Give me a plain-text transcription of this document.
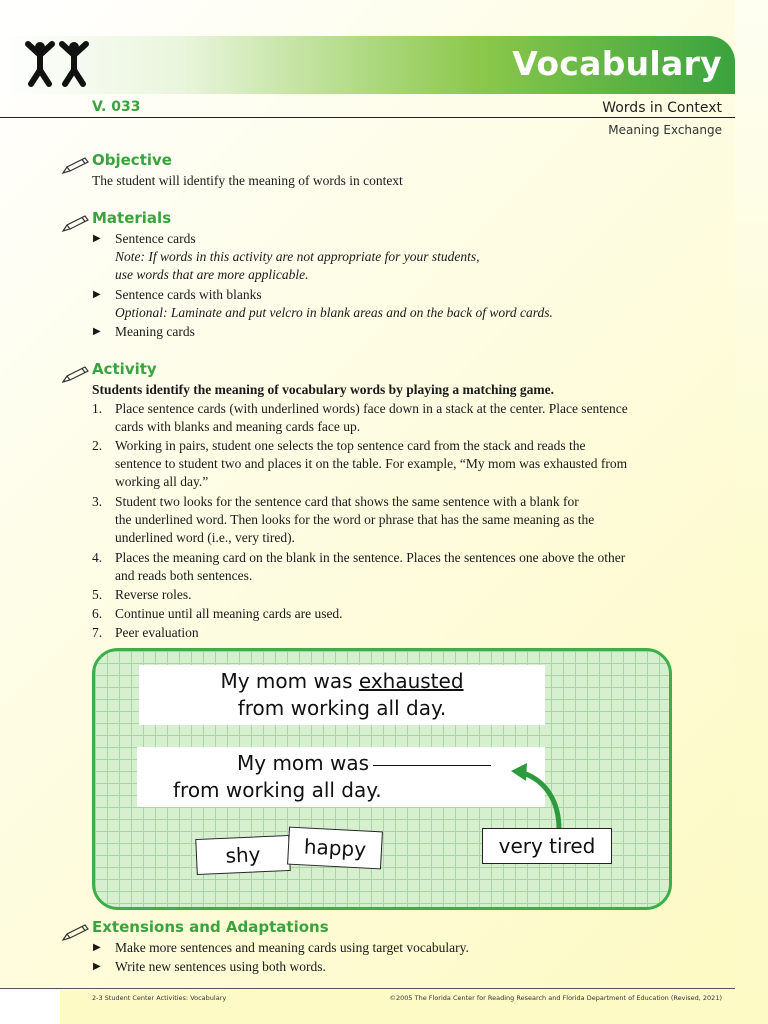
Vocabulary
V. 033	Words in Context
Meaning Exchange
Objective
The student will identify the meaning of words in context
Materials
▶ Sentence cards
Note: If words in this activity are not appropriate for your students,
use words that are more applicable.
▶ Sentence cards with blanks
Optional: Laminate and put velcro in blank areas and on the back of word cards.
▶ Meaning cards
Activity
Students identify the meaning of vocabulary words by playing a matching game.
1. Place sentence cards (with underlined words) face down in a stack at the center. Place sentence
cards with blanks and meaning cards face up.
2. Working in pairs, student one selects the top sentence card from the stack and reads the
sentence to student two and places it on the table. For example, “My mom was exhausted from
working all day.”
3. Student two looks for the sentence card that shows the same sentence with a blank for
the underlined word. Then looks for the word or phrase that has the same meaning as the
underlined word (i.e., very tired).
4. Places the meaning card on the blank in the sentence. Places the sentences one above the other
and reads both sentences.
5. Reverse roles.
6. Continue until all meaning cards are used.
7. Peer evaluation
My mom was exhausted
from working all day.
My mom was
from working all day.
shy	happy	very tired
Extensions and Adaptations
▶ Make more sentences and meaning cards using target vocabulary.
▶ Write new sentences using both words.
2-3 Student Center Activities: Vocabulary	©2005 The Florida Center for Reading Research and Florida Department of Education (Revised, 2021)
